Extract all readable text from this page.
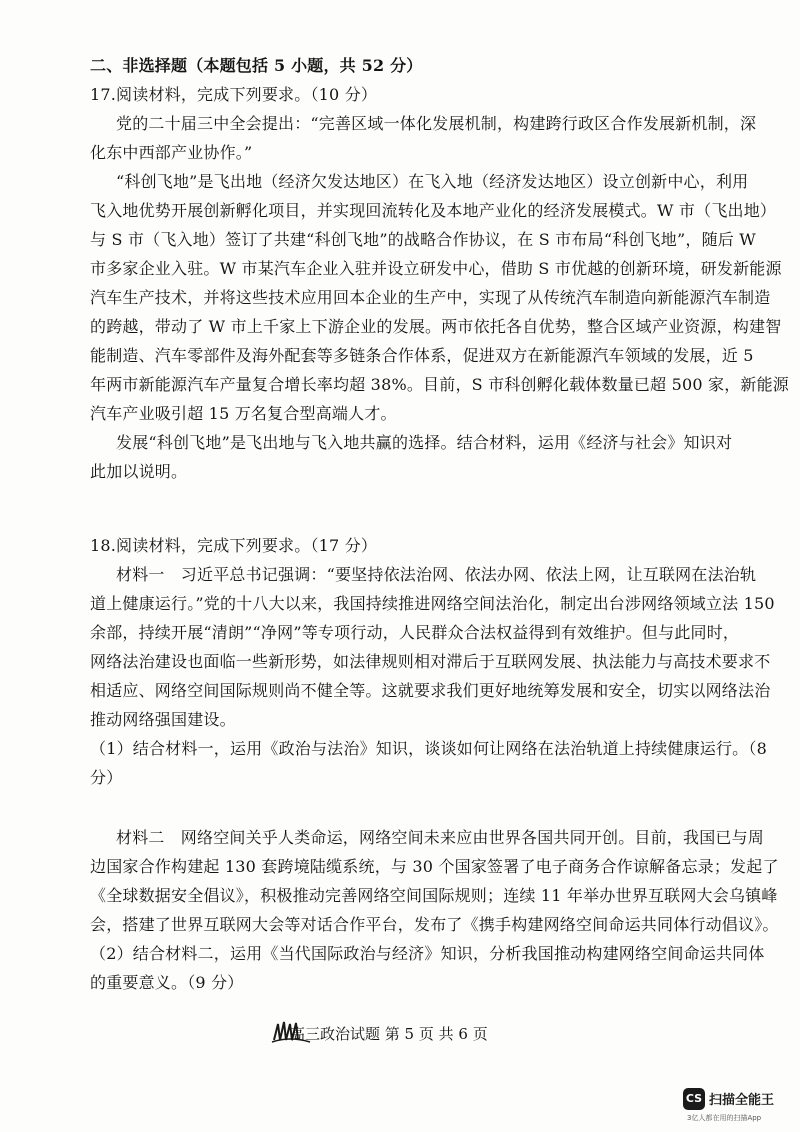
二、非选择题（本题包括 5 小题，共 52 分）
17.阅读材料，完成下列要求。（10 分）
党的二十届三中全会提出：“完善区域一体化发展机制，构建跨行政区合作发展新机制，深
化东中西部产业协作。”
“科创飞地”是飞出地（经济欠发达地区）在飞入地（经济发达地区）设立创新中心，利用
飞入地优势开展创新孵化项目，并实现回流转化及本地产业化的经济发展模式。W 市（飞出地）
与 S 市（飞入地）签订了共建“科创飞地”的战略合作协议，在 S 市布局“科创飞地”，随后 W
市多家企业入驻。W 市某汽车企业入驻并设立研发中心，借助 S 市优越的创新环境，研发新能源
汽车生产技术，并将这些技术应用回本企业的生产中，实现了从传统汽车制造向新能源汽车制造
的跨越，带动了 W 市上千家上下游企业的发展。两市依托各自优势，整合区域产业资源，构建智
能制造、汽车零部件及海外配套等多链条合作体系，促进双方在新能源汽车领域的发展，近 5
年两市新能源汽车产量复合增长率均超 38%。目前，S 市科创孵化载体数量已超 500 家，新能源
汽车产业吸引超 15 万名复合型高端人才。
发展“科创飞地”是飞出地与飞入地共赢的选择。结合材料，运用《经济与社会》知识对
此加以说明。
18.阅读材料，完成下列要求。（17 分）
材料一　习近平总书记强调：“要坚持依法治网、依法办网、依法上网，让互联网在法治轨
道上健康运行。”党的十八大以来，我国持续推进网络空间法治化，制定出台涉网络领域立法 150
余部，持续开展“清朗”“净网”等专项行动，人民群众合法权益得到有效维护。但与此同时，
网络法治建设也面临一些新形势，如法律规则相对滞后于互联网发展、执法能力与高技术要求不
相适应、网络空间国际规则尚不健全等。这就要求我们更好地统筹发展和安全，切实以网络法治
推动网络强国建设。
（1）结合材料一，运用《政治与法治》知识，谈谈如何让网络在法治轨道上持续健康运行。（8
分）
材料二　网络空间关乎人类命运，网络空间未来应由世界各国共同开创。目前，我国已与周
边国家合作构建起 130 套跨境陆缆系统，与 30 个国家签署了电子商务合作谅解备忘录；发起了
《全球数据安全倡议》，积极推动完善网络空间国际规则；连续 11 年举办世界互联网大会乌镇峰
会，搭建了世界互联网大会等对话合作平台，发布了《携手构建网络空间命运共同体行动倡议》。
（2）结合材料二，运用《当代国际政治与经济》知识，分析我国推动构建网络空间命运共同体
的重要意义。（9 分）
高三政治试题 第 5 页 共 6 页
CS 扫描全能王
3亿人都在用的扫描App
